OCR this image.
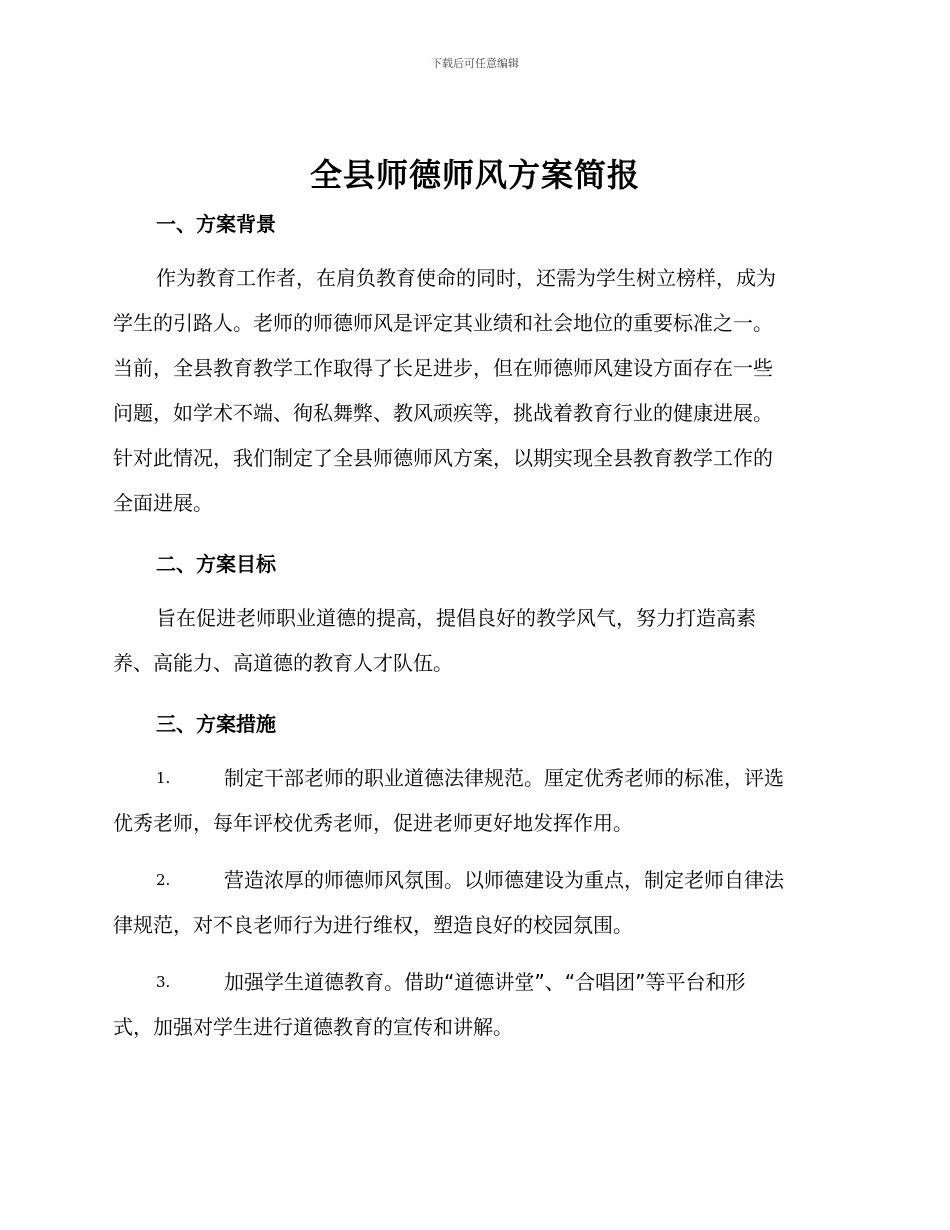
下载后可任意编辑
全县师德师风方案简报
一、方案背景
作为教育工作者，在肩负教育使命的同时，还需为学生树立榜样，成为
学生的引路人。老师的师德师风是评定其业绩和社会地位的重要标准之一。
当前，全县教育教学工作取得了长足进步，但在师德师风建设方面存在一些
问题，如学术不端、徇私舞弊、教风顽疾等，挑战着教育行业的健康进展。
针对此情况，我们制定了全县师德师风方案，以期实现全县教育教学工作的
全面进展。
二、方案目标
旨在促进老师职业道德的提高，提倡良好的教学风气，努力打造高素
养、高能力、高道德的教育人才队伍。
三、方案措施
1.	制定干部老师的职业道德法律规范。厘定优秀老师的标准，评选
优秀老师，每年评校优秀老师，促进老师更好地发挥作用。
2.	营造浓厚的师德师风氛围。以师德建设为重点，制定老师自律法
律规范，对不良老师行为进行维权，塑造良好的校园氛围。
3.	加强学生道德教育。借助“道德讲堂”、“合唱团”等平台和形
式，加强对学生进行道德教育的宣传和讲解。
